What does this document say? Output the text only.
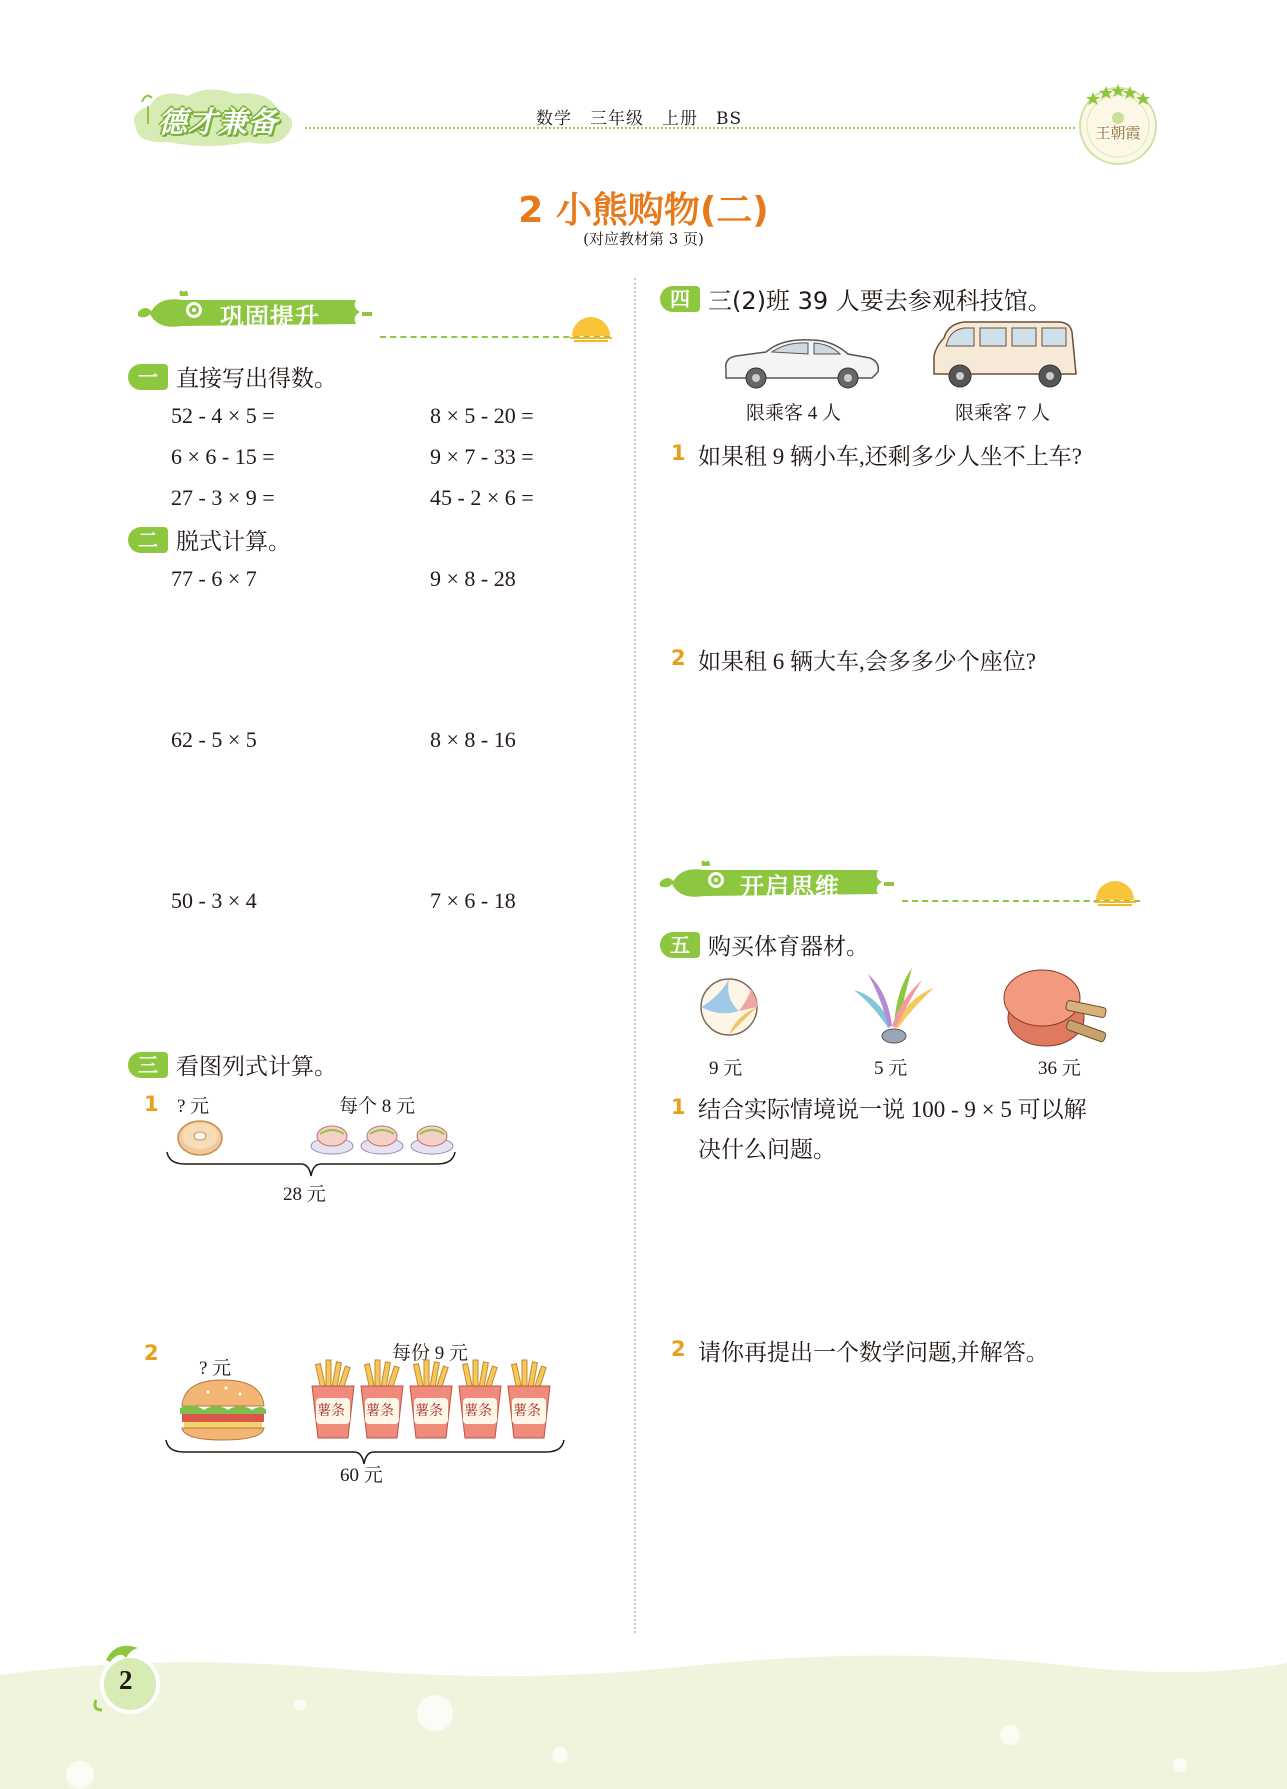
德才兼备	数学　三年级　上册　BS
王朝霞
2 小熊购物(二)
(对应教材第 3 页)
巩固提升
一 直接写出得数。
52 - 4 × 5 =	8 × 5 - 20 =
6 × 6 - 15 =	9 × 7 - 33 =
27 - 3 × 9 =	45 - 2 × 6 =
二 脱式计算。
77 - 6 × 7	9 × 8 - 28
62 - 5 × 5	8 × 8 - 16
50 - 3 × 4	7 × 6 - 18
三 看图列式计算。
1 ? 元	每个 8 元
28 元
2
? 元
每份 9 元
薯条 薯条 薯条 薯条 薯条
60 元
四 三(2)班 39 人要去参观科技馆。
限乘客 4 人	限乘客 7 人
1 如果租 9 辆小车,还剩多少人坐不上车?
2 如果租 6 辆大车,会多多少个座位?
开启思维
五 购买体育器材。
9 元	5 元	36 元
1 结合实际情境说一说 100 - 9 × 5 可以解
决什么问题。
2 请你再提出一个数学问题,并解答。
2
